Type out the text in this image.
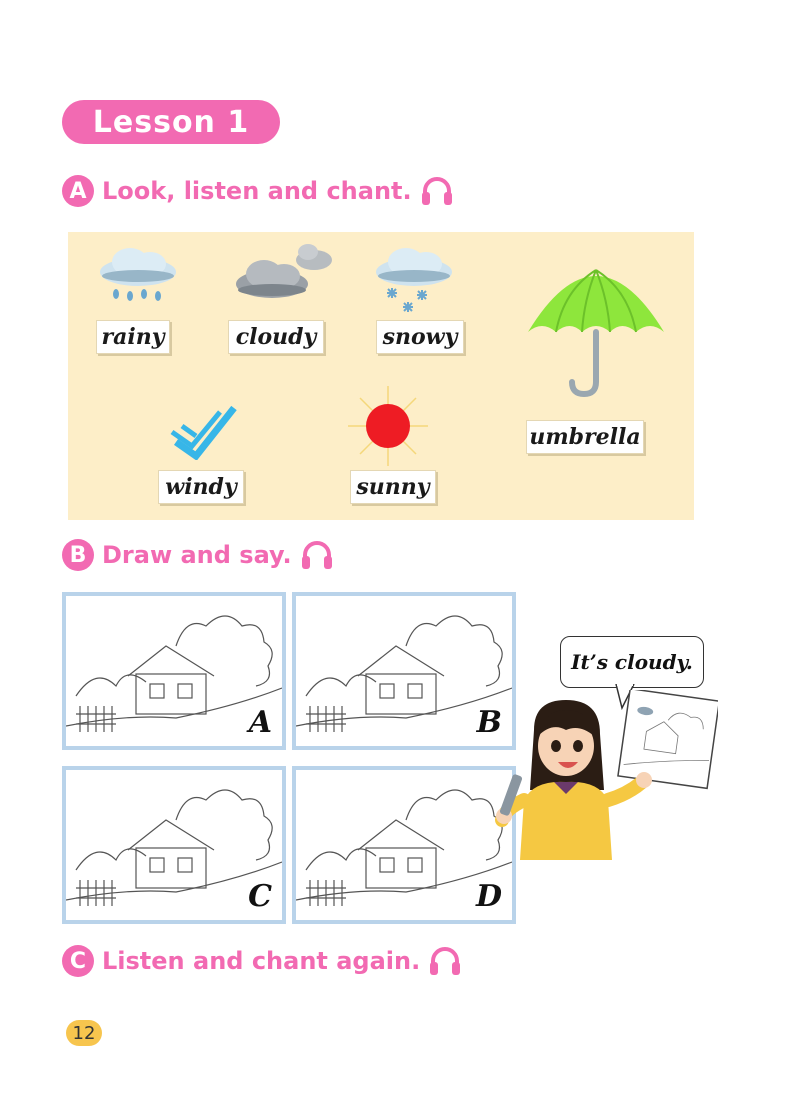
Lesson 1
A Look, listen and chant.
rainy	cloudy	snowy
umbrella
windy	sunny
B Draw and say.
A	B
C	D
It’s cloudy.
C Listen and chant again.
12
